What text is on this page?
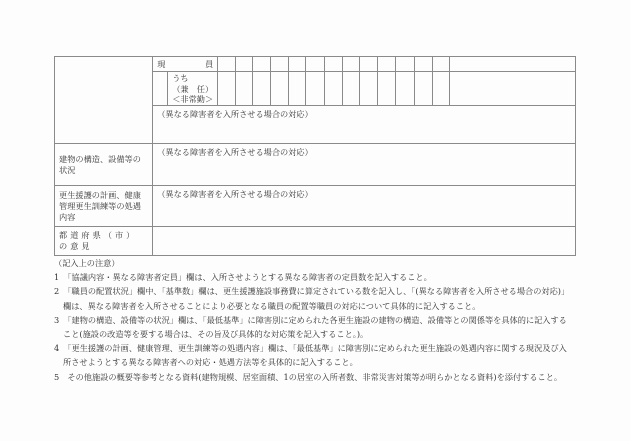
	現 員														

	うち
（兼　任）
＜非常勤＞														

	（異なる障害者を入所させる場合の対応）														
建物の構造、設備等の状況	（異なる障害者を入所させる場合の対応）														
更生援護の計画、健康管理更生訓練等の処遇内容	（異なる障害者を入所させる場合の対応）														
都道府県（市）の意見															
（記入上の注意）
1　 「協議内容・異なる障害者定員」欄は、入所させようとする異なる障害者の定員数を記入すること。
2　 「職員の配置状況」欄中、「基準数」欄は、更生援護施設事務費に算定されている数を記入し、「(異なる障害者を入所させる場合の対応)」
欄は、異なる障害者を入所させることにより必要となる職員の配置等職員の対応について具体的に記入すること。
3　 「建物の構造、設備等の状況」欄は、「最低基準」に障害別に定められた各更生施設の建物の構造、設備等との関係等を具体的に記入する
こと(施設の改造等を要する場合は、その旨及び具体的な対応策を記入すること。)。
4　 「更生援護の計画、健康管理、更生訓練等の処遇内容」欄は、「最低基準」に障害別に定められた更生施設の処遇内容に関する現況及び入
所させようとする異なる障害者への対応・処遇方法等を具体的に記入すること。
5　 その他施設の概要等参考となる資料(建物規模、居室面積、1の居室の入所者数、非常災害対策等が明らかとなる資料)を添付すること。
